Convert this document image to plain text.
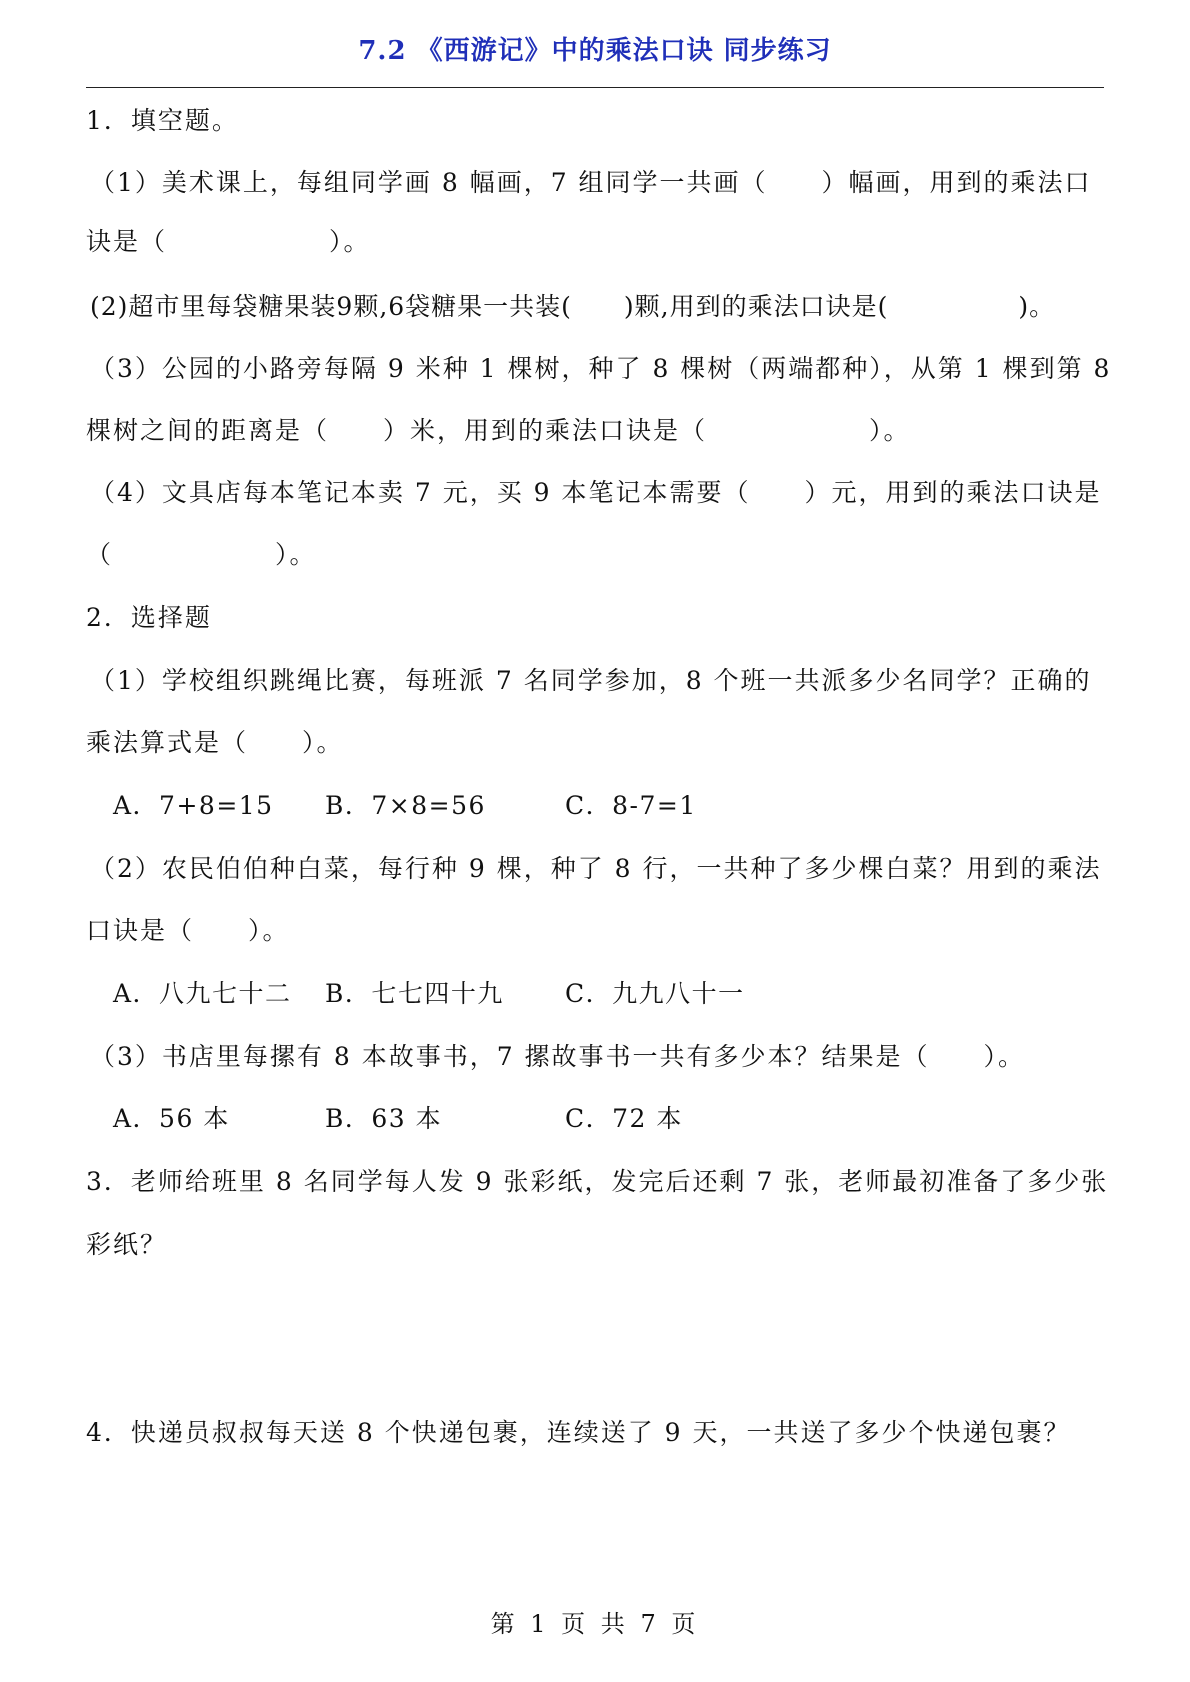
7.2 《西游记》中的乘法口诀 同步练习
1．填空题。
（1）美术课上，每组同学画 8 幅画，7 组同学一共画（　　）幅画，用到的乘法口
诀是（　　　　　　）。
(2)超市里每袋糖果装9颗,6袋糖果一共装(　　)颗,用到的乘法口诀是(　　　　　)。
（3）公园的小路旁每隔 9 米种 1 棵树，种了 8 棵树（两端都种），从第 1 棵到第 8
棵树之间的距离是（　　）米，用到的乘法口诀是（　　　　　　）。
（4）文具店每本笔记本卖 7 元，买 9 本笔记本需要（　　）元，用到的乘法口诀是
（　　　　　　）。
2．选择题
（1）学校组织跳绳比赛，每班派 7 名同学参加，8 个班一共派多少名同学？正确的
乘法算式是（　　）。
A．7+8=15 B．7×8=56	C．8-7=1
（2）农民伯伯种白菜，每行种 9 棵，种了 8 行，一共种了多少棵白菜？用到的乘法
口诀是（　　）。
A．八九七十二 B．七七四十九 C．九九八十一
（3）书店里每摞有 8 本故事书，7 摞故事书一共有多少本？结果是（　　）。
A．56 本	B．63 本	C．72 本
3．老师给班里 8 名同学每人发 9 张彩纸，发完后还剩 7 张，老师最初准备了多少张
彩纸？
4．快递员叔叔每天送 8 个快递包裹，连续送了 9 天，一共送了多少个快递包裹？
第 1 页 共 7 页
